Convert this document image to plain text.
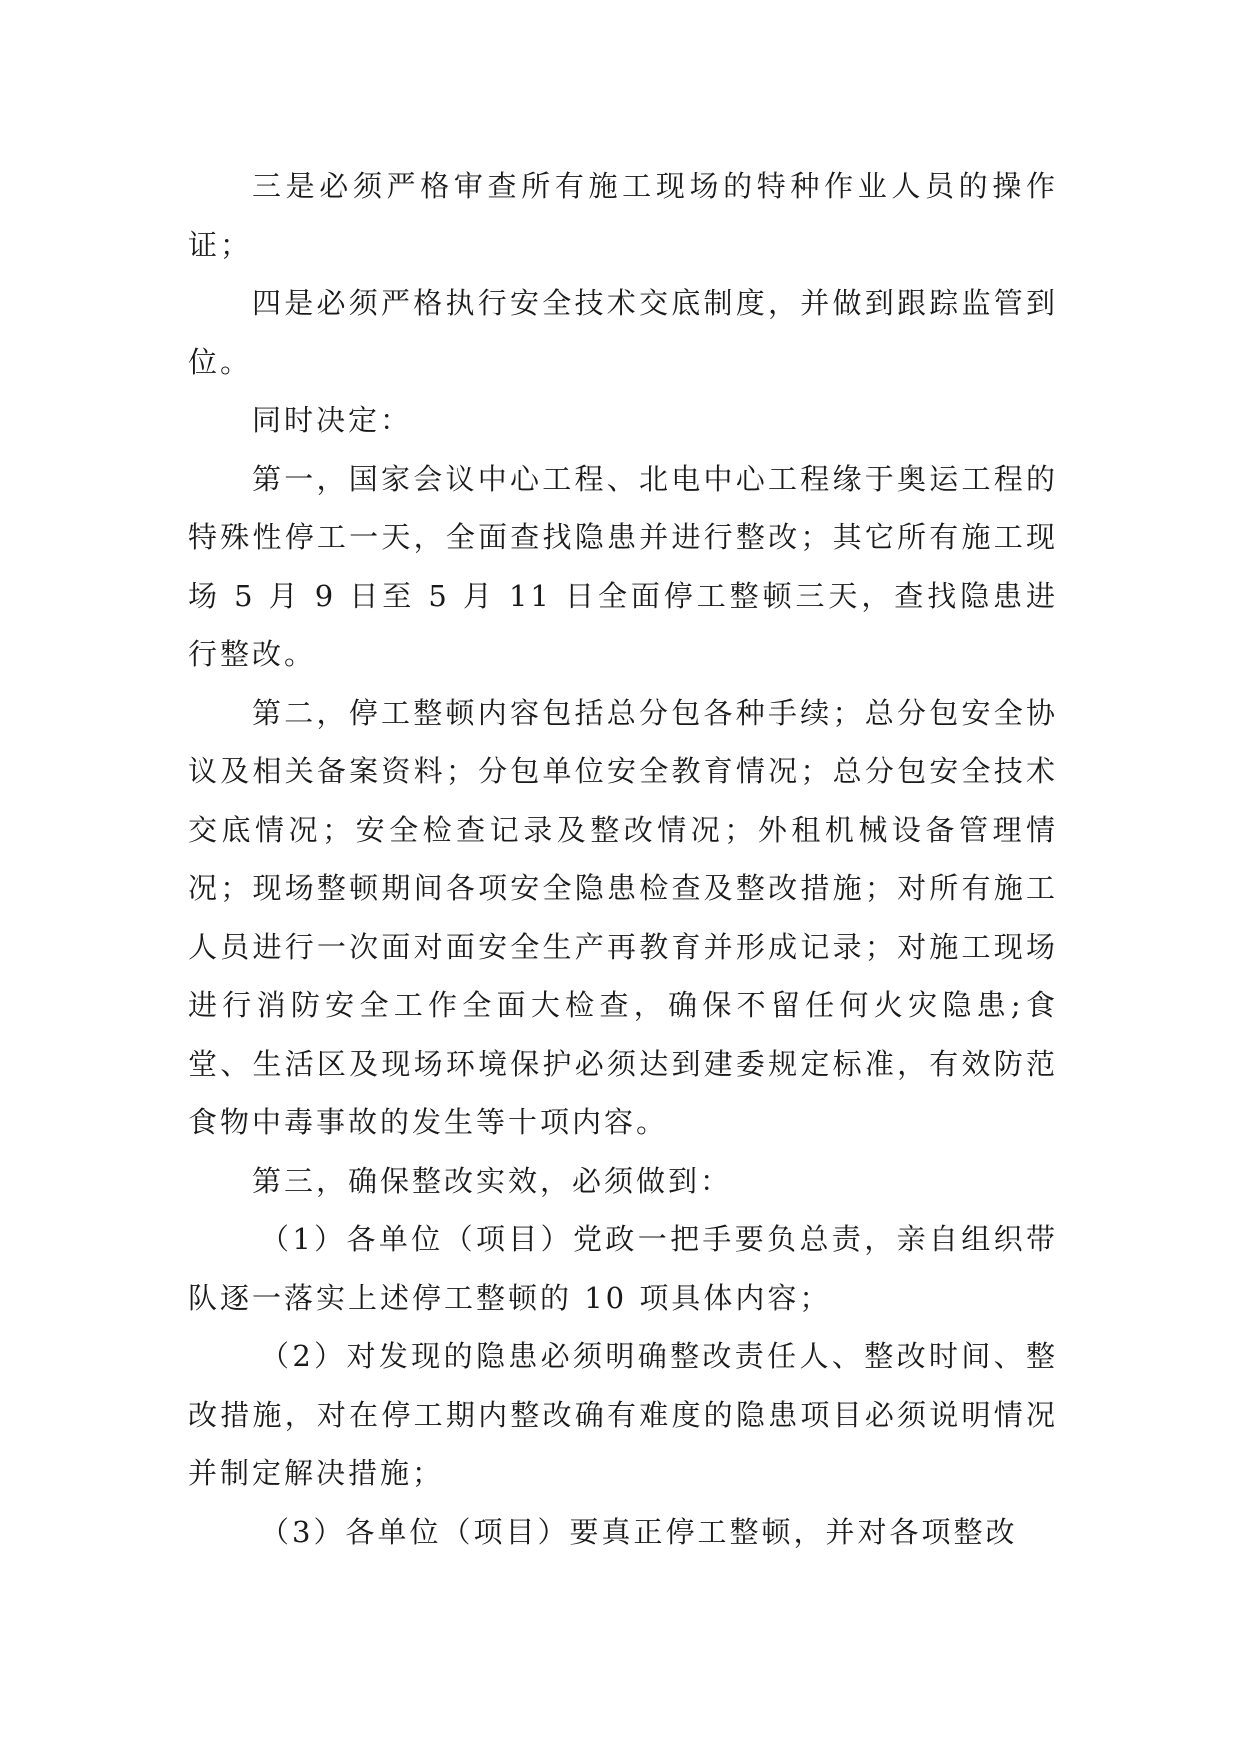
三是必须严格审查所有施工现场的特种作业人员的操作证；

四是必须严格执行安全技术交底制度，并做到跟踪监管到位。

同时决定：

第一，国家会议中心工程、北电中心工程缘于奥运工程的特殊性停工一天，全面查找隐患并进行整改；其它所有施工现场 5 月 9 日至 5 月 11 日全面停工整顿三天，查找隐患进行整改。

第二，停工整顿内容包括总分包各种手续；总分包安全协议及相关备案资料；分包单位安全教育情况；总分包安全技术交底情况；安全检查记录及整改情况；外租机械设备管理情况；现场整顿期间各项安全隐患检查及整改措施；对所有施工人员进行一次面对面安全生产再教育并形成记录；对施工现场进行消防安全工作全面大检查，确保不留任何火灾隐患;食堂、生活区及现场环境保护必须达到建委规定标准，有效防范食物中毒事故的发生等十项内容。

第三，确保整改实效，必须做到：

（1）各单位（项目）党政一把手要负总责，亲自组织带队逐一落实上述停工整顿的 10 项具体内容；

（2）对发现的隐患必须明确整改责任人、整改时间、整改措施，对在停工期内整改确有难度的隐患项目必须说明情况并制定解决措施；

（3）各单位（项目）要真正停工整顿，并对各项整改
